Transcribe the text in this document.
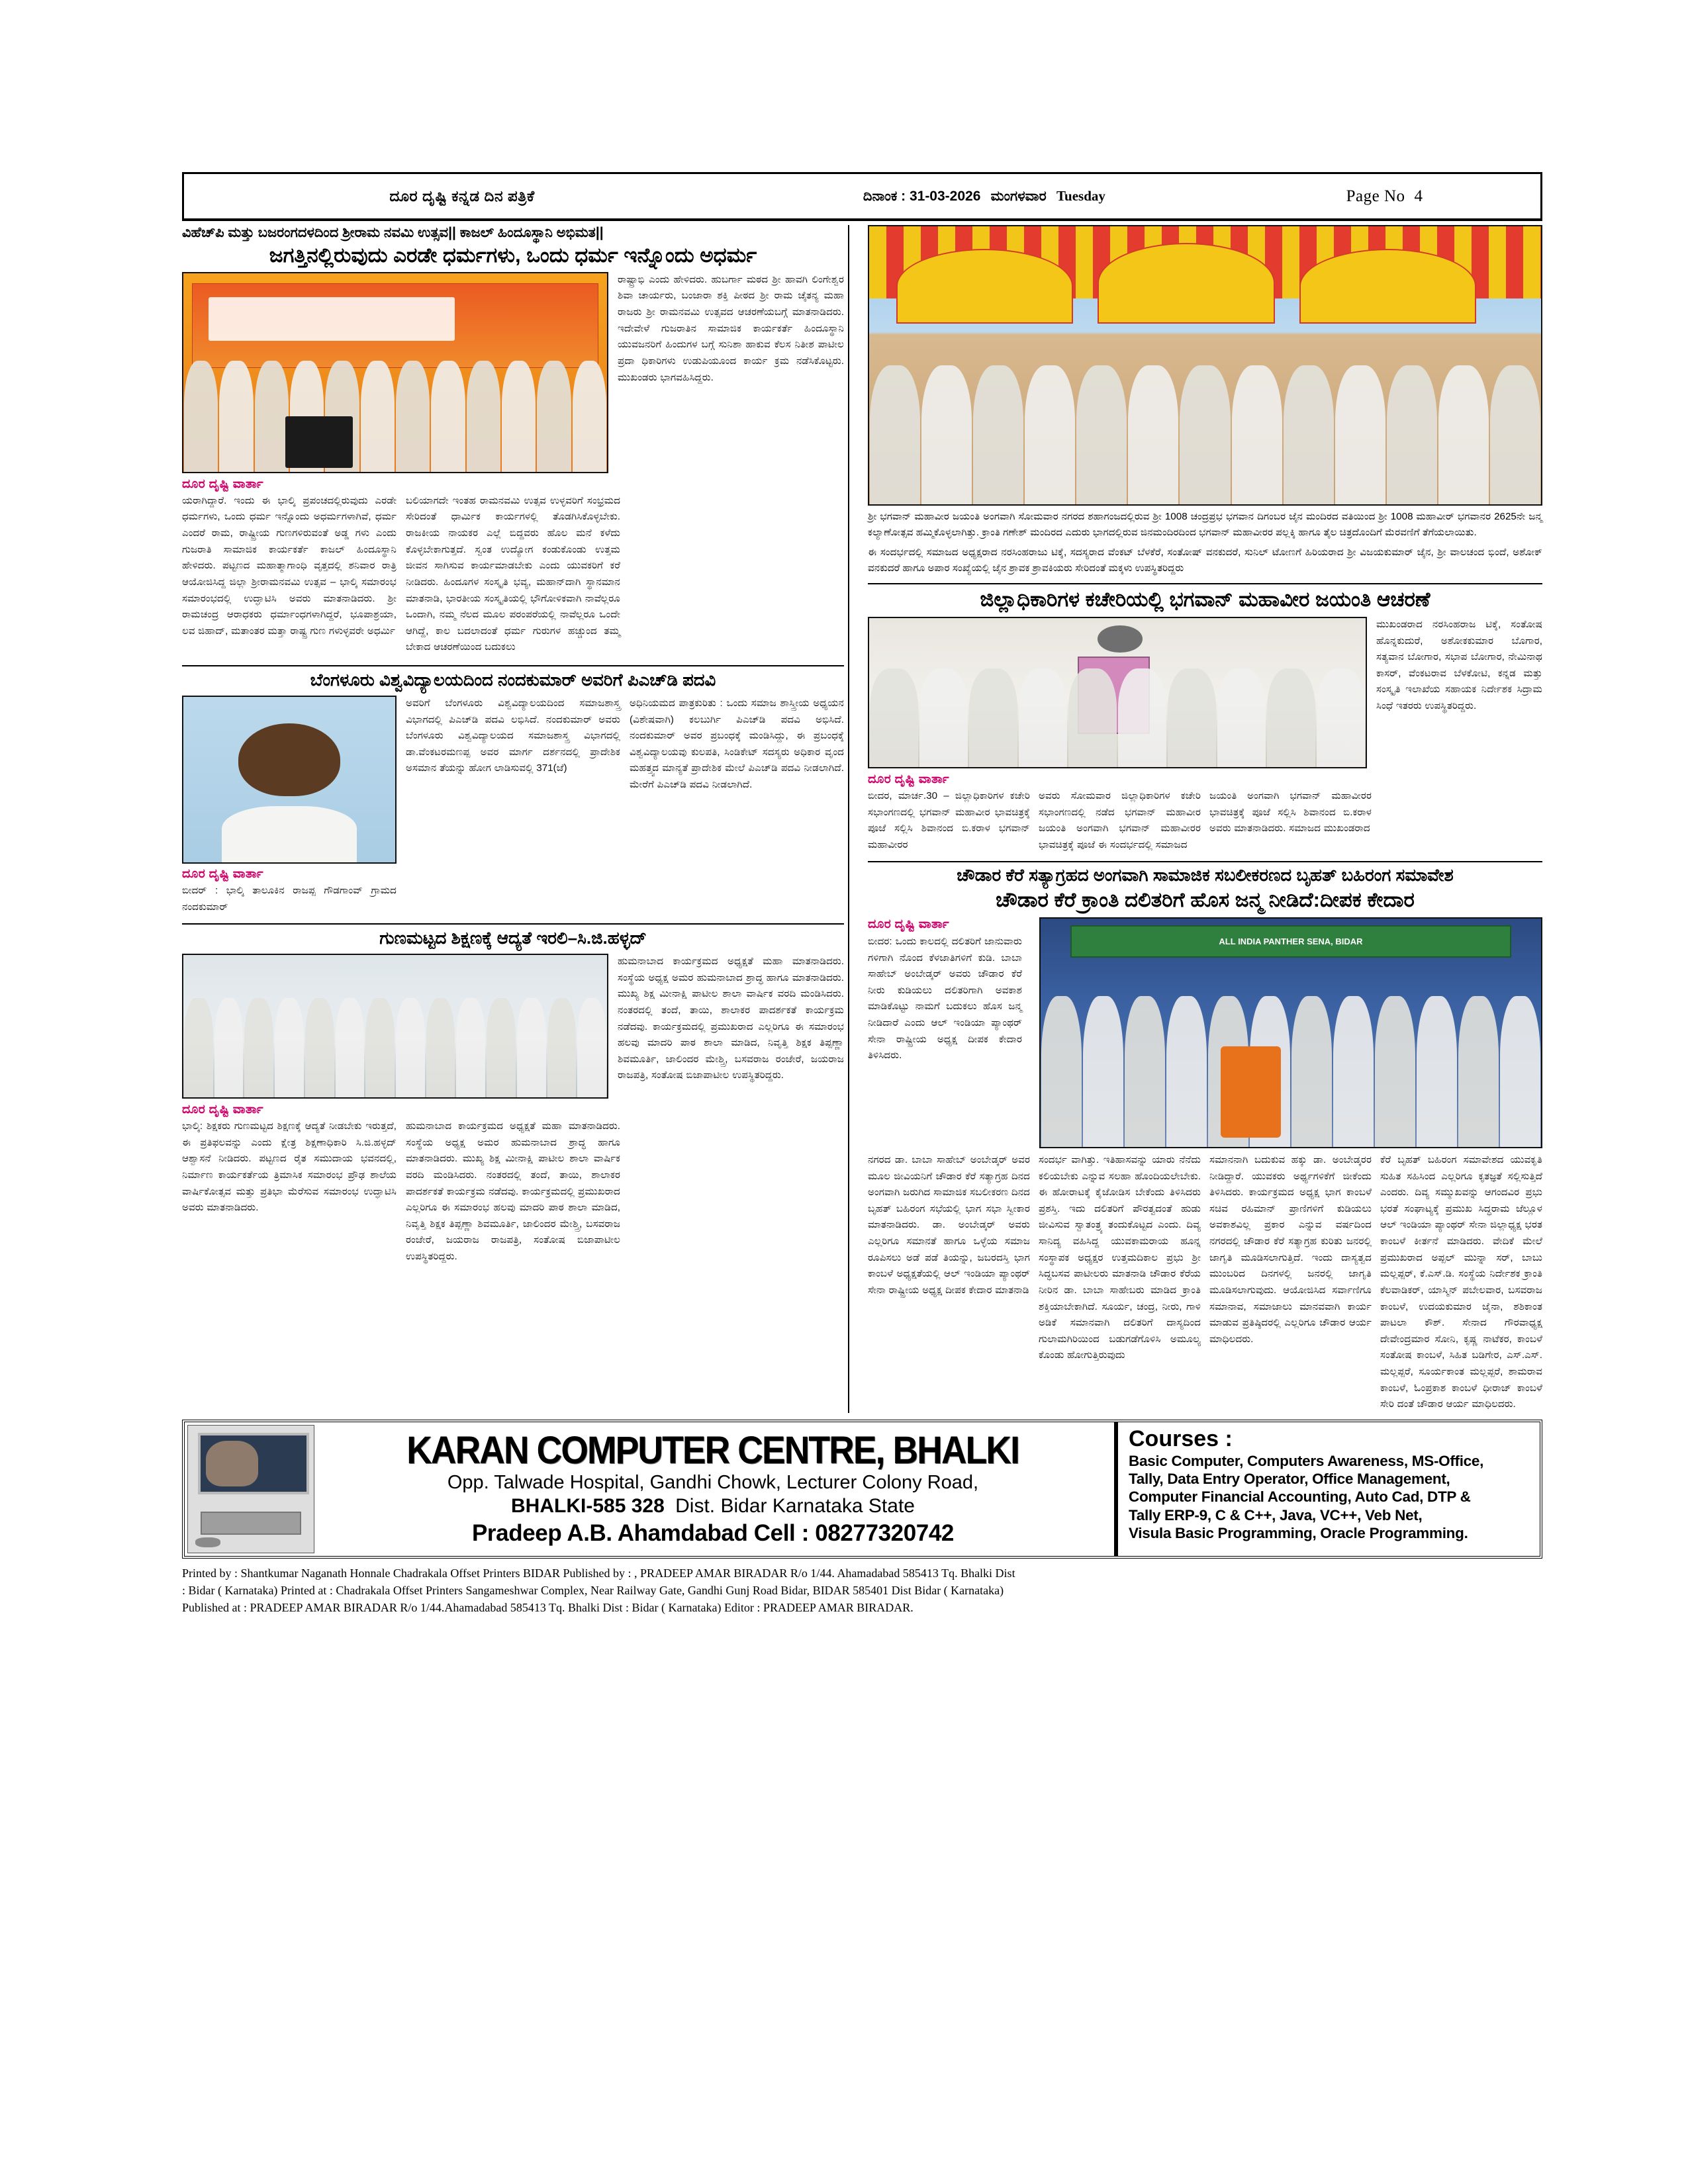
ದೂರ ದೃಷ್ಟಿ ಕನ್ನಡ ದಿನ ಪತ್ರಿಕೆ	ದಿನಾಂಕ : 31-03-2026 ಮಂಗಳವಾರ Tuesday	Page No 4
ವಿಹೆಚ್‌ಪಿ ಮತ್ತು ಬಜರಂಗದಳದಿಂದ ಶ್ರೀರಾಮ ನವಮಿ ಉತ್ಸವ|| ಕಾಜಲ್ ಹಿಂದೂಸ್ಥಾನಿ ಅಭಿಮತ||
ಜಗತ್ತಿನಲ್ಲಿರುವುದು ಎರಡೇ ಧರ್ಮಗಳು, ಒಂದು ಧರ್ಮ ಇನ್ನೊಂದು ಅಧರ್ಮ
ರಾಷ್ಟ್ರಾಭಿ ಎಂದು ಹೇಳಿದರು. ಹುಬರ್ಗಾ ಮಠದ ಶ್ರೀ ಹಾವಗಿ ಲಿಂಗೇಶ್ವರ ಶಿವಾ ಚಾರ್ಯರು, ಬಂಜಾರಾ ಶಕ್ತಿ ಪೀಠದ ಶ್ರೀ ರಾಮ ಚೈತನ್ಯ ಮಹಾ ರಾಜರು ಶ್ರೀ ರಾಮನವಮಿ ಉತ್ಸವದ ಆಚರಣೆಯಬಗ್ಗೆ ಮಾತನಾಡಿದರು. ಇದೇವೇಳೆ ಗುಜರಾತಿನ ಸಾಮಾಜಿಕ ಕಾರ್ಯಕರ್ತೆ ಹಿಂದೂಸ್ಥಾನಿ ಯುವಜನರಿಗೆ ಹಿಂದುಗಳ ಬಗ್ಗೆ ಸುನಿಶಾ ಹಾಕುವ ಕೆಲಸ ನಿತೀಶ ಪಾಟೀಲ ಪ್ರದಾ ಧಿಕಾರಿಗಳು ಉಡುಪಿಯೂಂದ ಕಾರ್ಯ ಕ್ರಮ ನಡೆಸಿಕೊಟ್ಟರು. ಮುಖಂಡರು ಭಾಗವಹಿಸಿದ್ದರು.
ದೂರ ದೃಷ್ಟಿ ವಾರ್ತಾ
ಯರಾಗಿದ್ದಾರೆ. ಇಂದು ಈ ಭಾಲ್ಕಿ ಪ್ರಪಂಚದಲ್ಲಿರುವುದು ಎರಡೇ ಧರ್ಮಗಳು, ಒಂದು ಧರ್ಮ ಇನ್ನೊಂದು ಅಧರ್ಮಗಳಾಗಿವೆ, ಧರ್ಮ ಎಂದರೆ ರಾಮ, ರಾಷ್ಟ್ರೀಯ ಗುಣಗಳಿರುವಂತೆ ಅಡ್ಡ ಗಳು ಎಂದು ಗುಜರಾತಿ ಸಾಮಾಜಿಕ ಕಾರ್ಯಕರ್ತೆ ಕಾಜಲ್ ಹಿಂದೂಸ್ಥಾನಿ ಹೇಳಿದರು. ಪಟ್ಟಣದ ಮಹಾತ್ಮಾಗಾಂಧಿ ವೃತ್ತದಲ್ಲಿ ಶನಿವಾರ ರಾತ್ರಿ ಆಯೋಜಿಸಿದ್ದ ಜಿಲ್ಲಾ ಶ್ರೀರಾಮನವಮಿ ಉತ್ಸವ – ಭಾಲ್ಕಿ ಸಮಾರಂಭ ಸಮಾರಂಭದಲ್ಲಿ ಉದ್ಘಾಟಿಸಿ ಅವರು ಮಾತನಾಡಿದರು. ಶ್ರೀ ರಾಮಚಂದ್ರ ಆರಾಧಕರು ಧರ್ಮಾಂಧಗಳಾಗಿದ್ದರೆ, ಭೂಪಾಶ್ರಯಾ, ಲವ ಜಿಹಾದ್, ಮತಾಂತರ ಮತ್ತಾ ರಾಷ್ಟ್ರ ಗುಣ ಗಳುಳ್ಳವರೇ ಅಧರ್ಮಿ
ಬಲಿಯಾಗದೇ ಇಂತಹ ರಾಮನವಮಿ ಉತ್ಸವ ಉಳ್ಳವರಿಗೆ ಸಂಭ್ರಮದ ಸೇರಿದಂತೆ ಧಾರ್ಮಿಕ ಕಾರ್ಯಗಳಲ್ಲಿ ತೊಡಗಿಸಿಕೊಳ್ಳಬೇಕು. ರಾಜಕೀಯ ನಾಯಕರ ಎಲ್ಲೆ ಬಿದ್ದವರು ಹೊಲ ಮನೆ ಕಳೆದು ಕೊಳ್ಳಬೇಕಾಗುತ್ತದೆ. ಸ್ವಂತ ಉದ್ಯೋಗ ಕಂಡುಕೊಂಡು ಉತ್ತಮ ಜೀವನ ಸಾಗಿಸುವ ಕಾರ್ಯಮಾಡಬೇಕು ಎಂದು ಯುವಕರಿಗೆ ಕರೆ ನೀಡಿದರು. ಹಿಂದೂಗಳ ಸಂಸ್ಕೃತಿ ಭವ್ಯ, ಮಹಾನ್‌ದಾಗಿ ಸ್ಥಾನಮಾನ ಮಾತನಾಡಿ, ಭಾರತೀಯ ಸಂಸ್ಕೃತಿಯಲ್ಲಿ ಭೌಗೋಳಿಕವಾಗಿ ನಾವೆಲ್ಲರೂ ಒಂದಾಗಿ, ನಮ್ಮ ನೆಲದ ಮೂಲ ಪರಂಪರೆಯಲ್ಲಿ ನಾವೆಲ್ಲರೂ ಒಂದೇ ಆಗಿದ್ದೆ, ಕಾಲ ಬದಲಾದಂತೆ ಧರ್ಮ ಗುರುಗಳ ಹಚ್ಚುಂದ ತಮ್ಮ ಬೇಕಾದ ಆಚರಣೆಯಿಂದ ಬದುಕಲು
ಬೆಂಗಳೂರು ವಿಶ್ವವಿದ್ಯಾಲಯದಿಂದ ನಂದಕುಮಾರ್ ಅವರಿಗೆ ಪಿಎಚ್‌ಡಿ ಪದವಿ
ದೂರ ದೃಷ್ಟಿ ವಾರ್ತಾ
ಬೀದರ್ : ಭಾಲ್ಕಿ ತಾಲೂಕಿನ ರಾಜಪ್ಪ ಗೌಡಗಾಂವ್ ಗ್ರಾಮದ ನಂದಕುಮಾರ್
ಅವರಿಗೆ ಬೆಂಗಳೂರು ವಿಶ್ವವಿದ್ಯಾಲಯದಿಂದ ಸಮಾಜಶಾಸ್ತ್ರ ವಿಭಾಗದಲ್ಲಿ ಪಿಎಚ್‌ಡಿ ಪದವಿ ಲಭಿಸಿದೆ. ನಂದಕುಮಾರ್ ಅವರು ಬೆಂಗಳೂರು ವಿಶ್ವವಿದ್ಯಾಲಯದ ಸಮಾಜಶಾಸ್ತ್ರ ವಿಭಾಗದಲ್ಲಿ ಡಾ.ವೆಂಕಟರಮಣಪ್ಪ ಅವರ ಮಾರ್ಗ ದರ್ಶನದಲ್ಲಿ ಪ್ರಾದೇಶಿಕ ಅಸಮಾನ ತೆಯನ್ನು ಹೋಗ ಲಾಡಿಸುವಲ್ಲಿ 371(ಜೆ)
ಅಧಿನಿಯಮದ ಪಾತ್ರಕುರಿತು : ಒಂದು ಸಮಾಜ ಶಾಸ್ತ್ರೀಯ ಅಧ್ಯಯನ (ವಿಶೇಷವಾಗಿ) ಕಲಬುರ್ಗಿ ಪಿಎಚ್‌ಡಿ ಪದವಿ ಅಭಿಸಿದೆ. ನಂದಕುಮಾರ್ ಅವರ ಪ್ರಬಂಧಕ್ಕೆ ಮಂಡಿಸಿದ್ದು, ಈ ಪ್ರಬಂಧಕ್ಕೆ ವಿಶ್ವವಿದ್ಯಾಲಯವು ಕುಲಪತಿ, ಸಿಂಡಿಕೇಟ್ ಸದಸ್ಯರು ಅಧಿಕಾರ ವೃಂದ ಮಹತ್ತ್ವದ ಮಾನ್ಯತೆ ಪ್ರಾದೇಶಿಕ ಮೇಲೆ ಪಿಎಚ್‌ಡಿ ಪದವಿ ನೀಡಲಾಗಿದೆ. ಮೇರೆಗೆ ಪಿಎಚ್‌ಡಿ ಪದವಿ ನೀಡಲಾಗಿದೆ.
ಗುಣಮಟ್ಟದ ಶಿಕ್ಷಣಕ್ಕೆ ಆದ್ಯತೆ ಇರಲಿ–ಸಿ.ಜಿ.ಹಳ್ಳದ್
ಹುಮನಾಬಾದ ಕಾರ್ಯಕ್ರಮದ ಅಧ್ಯಕ್ಷತೆ ಮಹಾ ಮಾತನಾಡಿದರು. ಸಂಸ್ಥೆಯ ಅಧ್ಯಕ್ಷ ಅಮರ ಹುಮನಾಬಾದ ಶ್ರಾದ್ಧ ಹಾಗೂ ಮಾತನಾಡಿದರು. ಮುಖ್ಯ ಶಿಕ್ಷ ಮೀನಾಕ್ಷಿ ಪಾಟೀಲ ಶಾಲಾ ವಾರ್ಷಿಕ ವರದಿ ಮಂಡಿಸಿದರು. ನಂತರದಲ್ಲಿ ತಂದೆ, ತಾಯಿ, ಶಾಲಾಕರ ಪಾದರ್ಶಕತೆ ಕಾರ್ಯಕ್ರಮ ನಡೆದವು. ಕಾರ್ಯಕ್ರಮದಲ್ಲಿ ಪ್ರಮುಖರಾದ ಎಲ್ಲರಿಗೂ ಈ ಸಮಾರಂಭ ಹಲವು ಮಾದರಿ ಪಾಠ ಶಾಲಾ ಮಾಡಿದ, ನಿವೃತ್ತಿ ಶಿಕ್ಷಕ ತಿಪ್ಪಣ್ಣಾ ಶಿವಮೂರ್ತಿ, ಜಾಲಿಂದರ ಮೇಶ್ತ್ರಿ, ಬಸವರಾಜ ರಂಜೇರೆ, ಜಯರಾಜ ರಾಜಪತ್ರಿ, ಸಂತೋಷ ಬಿಜಾಪಾಟೀಲ ಉಪಸ್ಥಿತರಿದ್ದರು.
ದೂರ ದೃಷ್ಟಿ ವಾರ್ತಾ
ಭಾಲ್ಕಿ: ಶಿಕ್ಷಕರು ಗುಣಮಟ್ಟದ ಶಿಕ್ಷಣಕ್ಕೆ ಆದ್ಯತೆ ನೀಡಬೇಕು ಇರುತ್ತದೆ, ಈ ಪ್ರತಿಫಲವನ್ನು ಎಂದು ಕ್ಷೇತ್ರ ಶಿಕ್ಷಣಾಧಿಕಾರಿ ಸಿ.ಜಿ.ಹಳ್ಳದ್ ಆಶ್ವಾಸನೆ ನೀಡಿದರು. ಪಟ್ಟಣದ ರೈತ ಸಮುದಾಯ ಭವನದಲ್ಲಿ, ನಿರ್ಮಾಣ ಕಾರ್ಯಕರ್ತೆಯ ತ್ರಿಮಾಸಿಕ ಸಮಾರಂಭ ಪ್ರೌಢ ಶಾಲೆಯ ವಾರ್ಷಿಕೋತ್ಸವ ಮತ್ತು ಪ್ರತಿಭಾ ಮೆರೆಸುವ ಸಮಾರಂಭ ಉದ್ಘಾಟಿಸಿ ಅವರು ಮಾತನಾಡಿದರು.
ಹುಮನಾಬಾದ ಕಾರ್ಯಕ್ರಮದ ಅಧ್ಯಕ್ಷತೆ ಮಹಾ ಮಾತನಾಡಿದರು. ಸಂಸ್ಥೆಯ ಅಧ್ಯಕ್ಷ ಅಮರ ಹುಮನಾಬಾದ ಶ್ರಾದ್ಧ ಹಾಗೂ ಮಾತನಾಡಿದರು. ಮುಖ್ಯ ಶಿಕ್ಷ ಮೀನಾಕ್ಷಿ ಪಾಟೀಲ ಶಾಲಾ ವಾರ್ಷಿಕ ವರದಿ ಮಂಡಿಸಿದರು. ನಂತರದಲ್ಲಿ ತಂದೆ, ತಾಯಿ, ಶಾಲಾಕರ ಪಾದರ್ಶಕತೆ ಕಾರ್ಯಕ್ರಮ ನಡೆದವು. ಕಾರ್ಯಕ್ರಮದಲ್ಲಿ ಪ್ರಮುಖರಾದ ಎಲ್ಲರಿಗೂ ಈ ಸಮಾರಂಭ ಹಲವು ಮಾದರಿ ಪಾಠ ಶಾಲಾ ಮಾಡಿದ, ನಿವೃತ್ತಿ ಶಿಕ್ಷಕ ತಿಪ್ಪಣ್ಣಾ ಶಿವಮೂರ್ತಿ, ಜಾಲಿಂದರ ಮೇಶ್ತ್ರಿ, ಬಸವರಾಜ ರಂಜೇರೆ, ಜಯರಾಜ ರಾಜಪತ್ರಿ, ಸಂತೋಷ ಬಿಜಾಪಾಟೀಲ ಉಪಸ್ಥಿತರಿದ್ದರು.
ಶ್ರೀ ಭಗವಾನ್ ಮಹಾವೀರ ಜಯಂತಿ ಅಂಗವಾಗಿ ಸೋಮವಾರ ನಗರದ ಶಹಾಗಂಜದಲ್ಲಿರುವ ಶ್ರೀ 1008 ಚಂದ್ರಪ್ರಭ ಭಗವಾನ ದಿಗಂಬರ ಜೈನ ಮಂದಿರದ ವತಿಯಿಂದ ಶ್ರೀ 1008 ಮಹಾವೀರ್ ಭಗವಾನರ 2625ನೇ ಜನ್ಮ ಕಲ್ಯಾಣೋತ್ಸವ ಹಮ್ಮಿಕೊಳ್ಳಲಾಗಿತ್ತು. ಕ್ರಾಂತಿ ಗಣೇಶ್ ಮಂದಿರದ ಎದುರು ಭಾಗದಲ್ಲಿರುವ ಜಿನಮಂದಿರದಿಂದ ಭಗವಾನ್ ಮಹಾವೀರರ ಪಲ್ಲಕ್ಕಿ ಹಾಗೂ ತೈಲ ಚಿತ್ರದೊಂದಿಗೆ ಮೆರವಣಿಗೆ ತೆಗೆಯಲಾಯಿತು.
ಈ ಸಂದರ್ಭದಲ್ಲಿ ಸಮಾಜದ ಅಧ್ಯಕ್ಷರಾದ ನರಸಿಂಹರಾಜು ಟಿಕ್ಕೆ, ಸದಸ್ಯರಾದ ವೆಂಕಟ್ ಬೆಳಕೆರೆ, ಸಂತೋಷ್ ವನಕುದರೆ, ಸುನಿಲ್ ಟೋಣಗೆ ಹಿರಿಯರಾದ ಶ್ರೀ ವಿಜಯಕುಮಾರ್ ಜೈನ, ಶ್ರೀ ವಾಲಚಂದ ಭಿಂದೆ, ಅಶೋಕ್ ವನಕುದರೆ ಹಾಗೂ ಅಪಾರ ಸಂಖ್ಯೆಯಲ್ಲಿ ಜೈನ ಶ್ರಾವಕ ಶ್ರಾವಕಿಯರು ಸೇರಿದಂತೆ ಮಕ್ಕಳು ಉಪಸ್ಥಿತರಿದ್ದರು
ಜಿಲ್ಲಾಧಿಕಾರಿಗಳ ಕಚೇರಿಯಲ್ಲಿ ಭಗವಾನ್ ಮಹಾವೀರ ಜಯಂತಿ ಆಚರಣೆ
ಮುಖಂಡರಾದ ನರಸಿಂಹರಾಜ ಟಿಕ್ಕೆ, ಸಂತೋಷ ಹೊನ್ನಕುದುರೆ, ಅಶೋಕಕುಮಾರ ಬೊಗಾರ, ಸತ್ಯವಾನ ಬೋಗಾರ, ಸಭಾಪ ಬೋಗಾರ, ನೇಮಿನಾಥ ಕಾಸರ್, ವೆಂಕಟರಾವ ಬೆಳಕೋಟಿ, ಕನ್ನಡ ಮತ್ತು ಸಂಸ್ಕೃತಿ ಇಲಾಖೆಯ ಸಹಾಯಕ ನಿರ್ದೇಶಕ ಸಿದ್ರಾಮ ಸಿಂಧೆ ಇತರರು ಉಪಸ್ಥಿತರಿದ್ದರು.
ದೂರ ದೃಷ್ಟಿ ವಾರ್ತಾ
ಬೀದರ, ಮಾರ್ಚ.30 – ಜಿಲ್ಲಾಧಿಕಾರಿಗಳ ಕಚೇರಿ ಸಭಾಂಗಣದಲ್ಲಿ ಭಗವಾನ್ ಮಹಾವೀರ ಭಾವಚಿತ್ರಕ್ಕೆ ಪೂಜೆ ಸಲ್ಲಿಸಿ ಶಿವಾನಂದ ಬಿ.ಕರಾಳ ಭಗವಾನ್ ಮಹಾವೀರರ
ಅವರು ಸೋಮವಾರ ಜಿಲ್ಲಾಧಿಕಾರಿಗಳ ಕಚೇರಿ ಸಭಾಂಗಣದಲ್ಲಿ ನಡೆದ ಭಗವಾನ್ ಮಹಾವೀರ ಜಯಂತಿ ಅಂಗವಾಗಿ ಭಗವಾನ್ ಮಹಾವೀರರ ಭಾವಚಿತ್ರಕ್ಕೆ ಪೂಜೆ ಈ ಸಂದರ್ಭದಲ್ಲಿ ಸಮಾಜದ
ಜಯಂತಿ ಅಂಗವಾಗಿ ಭಗವಾನ್ ಮಹಾವೀರರ ಭಾವಚಿತ್ರಕ್ಕೆ ಪೂಜೆ ಸಲ್ಲಿಸಿ ಶಿವಾನಂದ ಬಿ.ಕರಾಳ ಅವರು ಮಾತನಾಡಿದರು. ಸಮಾಜದ ಮುಖಂಡರಾದ
ಚೌಡಾರ ಕೆರೆ ಸತ್ಯಾಗ್ರಹದ ಅಂಗವಾಗಿ ಸಾಮಾಜಿಕ ಸಬಲೀಕರಣದ ಬೃಹತ್ ಬಹಿರಂಗ ಸಮಾವೇಶ
ಚೌಡಾರ ಕೆರೆ ಕ್ರಾಂತಿ ದಲಿತರಿಗೆ ಹೊಸ ಜನ್ಮ ನೀಡಿದೆ:ದೀಪಕ ಕೇದಾರ
ದೂರ ದೃಷ್ಟಿ ವಾರ್ತಾ
ಬೀದರ: ಒಂದು ಕಾಲದಲ್ಲಿ ದಲಿತರಿಗೆ ಜಾನುವಾರು ಗಳಿಗಾಗಿ ನೊಂದ ಕೆಳಜಾತಿಗಳಿಗೆ ಕುಡಿ. ಬಾಬಾ ಸಾಹೇಬ್ ಅಂಬೇಡ್ಕರ್ ಅವರು ಚೌಡಾರ ಕೆರೆ ನೀರು ಕುಡಿಯಲು ದಲಿತರಿಗಾಗಿ ಅವಕಾಶ ಮಾಡಿಕೊಟ್ಟು ನಾಮಗೆ ಬದುಕಲು ಹೊಸ ಜನ್ಮ ನೀಡಿದಾರೆ ಎಂದು ಆಲ್ ಇಂಡಿಯಾ ಪ್ಯಾಂಥರ್ ಸೇನಾ ರಾಷ್ಟ್ರೀಯ ಅಧ್ಯಕ್ಷ ದೀಪಕ ಕೇದಾರ ತಿಳಿಸಿದರು.
ALL INDIA PANTHER SENA, BIDAR
ನಗರದ ಡಾ. ಬಾಬಾ ಸಾಹೇಬ್ ಅಂಬೇಡ್ಕರ್ ಅವರ ಮೂಲ ಜೀವಿಯನಿಗೆ ಚೌಡಾರ ಕೆರೆ ಸತ್ಯಾಗ್ರಹ ದಿನದ ಅಂಗವಾಗಿ ಜರುಗಿದ ಸಾಮಾಜಿಕ ಸಬಲೀಕರಣ ದಿನದ ಬೃಹತ್ ಬಹಿರಂಗ ಸಭೆಯಲ್ಲಿ ಭಾಗ ಸಭಾ ಸ್ವೀಕಾರ ಮಾತನಾಡಿದರು. ಡಾ. ಅಂಬೇಡ್ಕರ್ ಅವರು ಎಲ್ಲರಿಗೂ ಸಮಾನತೆ ಹಾಗೂ ಒಳ್ಳೆಯ ಸಮಾಜ ರೂಪಿಸಲು ಅಡೆ ಪಡೆ ತಿಯನ್ನು, ಜಬರದಸ್ತಿ ಭಾಗ ಕಾಂಬಳೆ ಅಧ್ಯಕ್ಷತೆಯಲ್ಲಿ ಆಲ್ ಇಂಡಿಯಾ ಪ್ಯಾಂಥರ್ ಸೇನಾ ರಾಷ್ಟ್ರೀಯ ಅಧ್ಯಕ್ಷ ದೀಪಕ ಕೇದಾರ ಮಾತನಾಡಿ
ಸಂದರ್ಭ ವಾಗಿತ್ತು. ಇತಿಹಾಸವನ್ನು ಯಾರು ನೆನೆದು ಕಲಿಯಬೇಕು ಎನ್ನುವ ಸಲಹಾ ಹೊಂದಿಯಲೇಬೇಕು. ಈ ಹೋರಾಟಕ್ಕೆ ಕೈಜೋಡಿಸ ಬೇಕೆಂದು ತಿಳಿಸಿದರು ಪ್ರಶಸ್ತಿ. ಇದು ದಲಿತರಿಗೆ ಪೌರತ್ವದಂತೆ ಹುಡು ಜೀವಿಸುವ ಸ್ವಾತಂತ್ರ್ಯ ತಂದುಕೊಟ್ಟದ ಎಂದು. ದಿವ್ಯ ಸಾನಿದ್ಯ ವಹಿಸಿದ್ದ ಯುವಕಾಮರಾಯ ಹೂನ್ನ ಸಂಸ್ಥಾಪಕ ಅಧ್ಯಕ್ಷರ ಉತ್ತಮದಿಕಾಲ ಪ್ರಭು ಶ್ರೀ ಸಿದ್ಧಬಸವ ಪಾಟೀಲರು ಮಾತನಾಡಿ ಚೌಡಾರ ಕೆರೆಯ ನೀರಿನ ಡಾ. ಬಾಬಾ ಸಾಹೇಬರು ಮಾಡಿದ ಕ್ರಾಂತಿ ಶಕ್ತಿಯಾಬೇಕಾಗಿದೆ. ಸೂರ್ಯ, ಚಂದ್ರ, ನೀರು, ಗಾಳಿ ಅಡಿಕೆ ಸಮಾನವಾಗಿ ದಲಿತರಿಗೆ ದಾಸ್ಯದಿಂದ ಗುಲಾಮಗಿರಿಯಿಂದ ಬಡುಗಡೆಗೊಳಿಸಿ ಅಮೂಲ್ಯ ಕೊಂಡು ಹೋಗುತ್ತಿರುವುದು
ಸಮಾನನಾಗಿ ಬದುಕುವ ಹಕ್ಕು ಡಾ. ಅಂಬೇಡ್ಕರರ ನೀಡಿದ್ದಾರೆ. ಯುವಕರು ಅರ್ಥ್ಯಗಳಿಕೆಗೆ ಜೀಕೆಂದು ತಿಳಿಸಿದರು. ಕಾರ್ಯಕ್ರಮದ ಅಧ್ಯಕ್ಷ ಭಾಗ ಕಾಂಬಳೆ ಸಚಿವ ರಹಿಮಾನ್ ಪ್ರಾಣಿಗಳಿಗೆ ಕುಡಿಯಲು ಅವಕಾಶವಿಲ್ಲ ಪ್ರಕಾರ ಎನ್ನುವ ವರ್ಷದಿಂದ ನಗರದಲ್ಲಿ ಚೌಡಾರ ಕೆರೆ ಸತ್ಯಾಗ್ರಹ ಕುರಿತು ಜನರಲ್ಲಿ ಜಾಗೃತಿ ಮೂಡಿಸಲಾಗುತ್ತಿದೆ. ಇಂದು ದಾಸ್ಯತ್ವದ ಮುಂಬರಿದ ದಿನಗಳಲ್ಲಿ ಜನರಲ್ಲಿ ಜಾಗೃತಿ ಮೂಡಿಸಲಾಗುವುದು. ಆಯೋಜಿಸಿದ ಸರ್ವಾಣಿಗೂ ಸಮಾನಾವ, ಸಮಾಜಾಲು ಮಾನವವಾಗಿ ಕಾರ್ಯ ಮಾಡುವ ಪ್ರತಿಷ್ಠಿದರಲ್ಲಿ ಎಲ್ಲರಿಗೂ ಚೌಡಾರ ಆರ್ಯ ಮಾಧಿಲದರು.
ಕೆರೆ ಬೃಹತ್ ಬಹಿರಂಗ ಸಮಾವೇಶದ ಯುವಕೃತಿ ಸುಹಿತ ಸಹಿಸಿಂದ ಎಲ್ಲರಿಗೂ ಕೃತಜ್ಞತೆ ಸಲ್ಲಿಸುತ್ತಿದೆ ಎಂದರು. ದಿವ್ಯ ಸಮ್ಮುಖವನ್ನು ಆಗಂದವಿರ ಪ್ರಭು ಭರತೆ ಸಂಘಾಟ್ಯಕ್ಕೆ ಪ್ರಮುಖ ಸಿದ್ಧರಾಮ ಜೆಲ್ಲೂಳ ಆಲ್ ಇಂಡಿಯಾ ಪ್ಯಾಂಥರ್ ಸೇನಾ ಜಿಲ್ಲಾಧ್ಯಕ್ಷ ಭರತ ಕಾಂಬಳೆ ಕೀರ್ತನೆ ಮಾಡಿದರು. ವೇದಿಕೆ ಮೇಲೆ ಪ್ರಮುಖರಾದ ಅಪ್ಪಲ್ ಮುನ್ನಾ ಸರ್, ಬಾಬು ಮಲ್ಲಪ್ಪರ್, ಕೆ.ಎಸ್.ಡಿ. ಸಂಸ್ಥೆಯ ನಿರ್ದೇಶಕ ಕ್ರಾಂತಿ ಕೆಲವಾಡಿಕರ್, ಯಾಸ್ಮಿನ್ ಪಬೇಲವಾರ, ಬಸವರಾಜ ಕಾಂಬಳೆ, ಉದಯಕುಮಾರ ಜೈನಾ, ಶಶಿಕಾಂತ ಪಾಟಲಾ ಕೌಶ್. ಸೇನಾದ ಗೌರವಾಧ್ಯಕ್ಷ ದೇವೇಂದ್ರಮಾರ ಸೋನಿ, ಕೃಷ್ಣ ನಾಟೆಕರ, ಕಾಂಬಳೆ ಸಂತೋಷ ಕಾಂಬಳೆ, ಸಿಹಿತ ಬಡಿಗೇರ, ಎಸ್.ಎಸ್. ಮಲ್ಲಪ್ಪರೆ, ಸೂರ್ಯಕಾಂತ ಮಲ್ಲಪ್ಪರೆ, ಶಾಮರಾವ ಕಾಂಬಳೆ, ಓಂಪ್ರಕಾಶ ಕಾಂಬಳೆ ಧೀರಾಜ್ ಕಾಂಬಳೆ ಸೇರಿ ದಂತೆ ಚೌಡಾರ ಆರ್ಯ ಮಾಧಿಲದರು.
KARAN COMPUTER CENTRE, BHALKI
Opp. Talwade Hospital, Gandhi Chowk, Lecturer Colony Road,
BHALKI-585 328 Dist. Bidar Karnataka State
Pradeep A.B. Ahamdabad Cell : 08277320742
Courses :
Basic Computer, Computers Awareness, MS-Office,
Tally, Data Entry Operator, Office Management,
Computer Financial Accounting, Auto Cad, DTP &
Tally ERP-9, C & C++, Java, VC++, Veb Net,
Visula Basic Programming, Oracle Programming.
Printed by : Shantkumar Naganath Honnale Chadrakala Offset Printers BIDAR Published by : , PRADEEP AMAR BIRADAR R/o 1/44. Ahamadabad 585413 Tq. Bhalki Dist
: Bidar ( Karnataka) Printed at : Chadrakala Offset Printers Sangameshwar Complex, Near Railway Gate, Gandhi Gunj Road Bidar, BIDAR 585401 Dist Bidar ( Karnataka)
Published at : PRADEEP AMAR BIRADAR R/o 1/44.Ahamadabad 585413 Tq. Bhalki Dist : Bidar ( Karnataka) Editor : PRADEEP AMAR BIRADAR.
